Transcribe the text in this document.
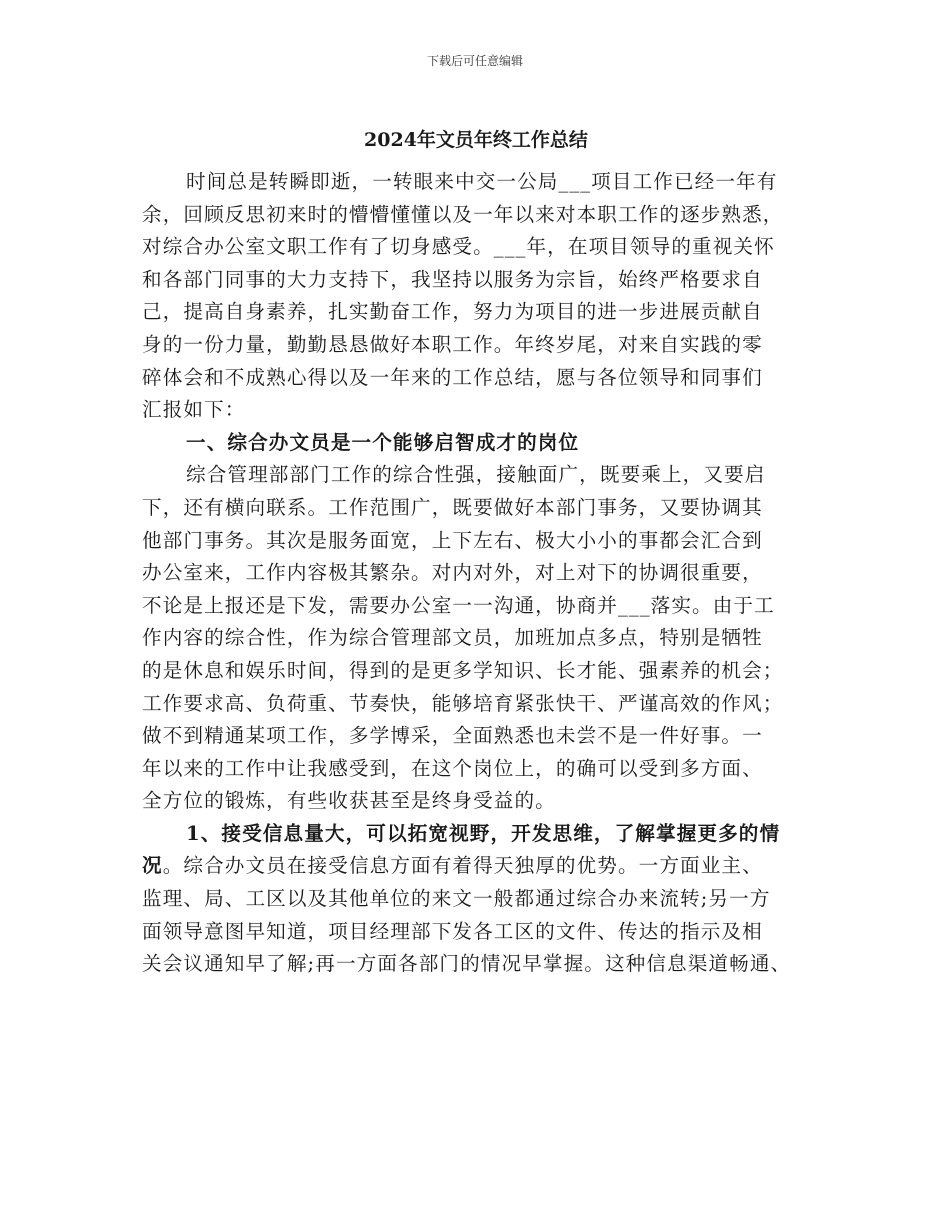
下载后可任意编辑
2024年文员年终工作总结

时间总是转瞬即逝，一转眼来中交一公局___项目工作已经一年有
余，回顾反思初来时的懵懵懂懂以及一年以来对本职工作的逐步熟悉，
对综合办公室文职工作有了切身感受。___年，在项目领导的重视关怀
和各部门同事的大力支持下，我坚持以服务为宗旨，始终严格要求自
己，提高自身素养，扎实勤奋工作，努力为项目的进一步进展贡献自
身的一份力量，勤勤恳恳做好本职工作。年终岁尾，对来自实践的零
碎体会和不成熟心得以及一年来的工作总结，愿与各位领导和同事们
汇报如下：

一、综合办文员是一个能够启智成才的岗位

综合管理部部门工作的综合性强，接触面广，既要乘上，又要启
下，还有横向联系。工作范围广，既要做好本部门事务，又要协调其
他部门事务。其次是服务面宽，上下左右、极大小小的事都会汇合到
办公室来，工作内容极其繁杂。对内对外，对上对下的协调很重要，
不论是上报还是下发，需要办公室一一沟通，协商并___落实。由于工
作内容的综合性，作为综合管理部文员，加班加点多点，特别是牺牲
的是休息和娱乐时间，得到的是更多学知识、长才能、强素养的机会；
工作要求高、负荷重、节奏快，能够培育紧张快干、严谨高效的作风；
做不到精通某项工作，多学博采，全面熟悉也未尝不是一件好事。一
年以来的工作中让我感受到，在这个岗位上，的确可以受到多方面、
全方位的锻炼，有些收获甚至是终身受益的。

1、接受信息量大，可以拓宽视野，开发思维，了解掌握更多的情
况。综合办文员在接受信息方面有着得天独厚的优势。一方面业主、
监理、局、工区以及其他单位的来文一般都通过综合办来流转;另一方
面领导意图早知道，项目经理部下发各工区的文件、传达的指示及相
关会议通知早了解;再一方面各部门的情况早掌握。这种信息渠道畅通、
